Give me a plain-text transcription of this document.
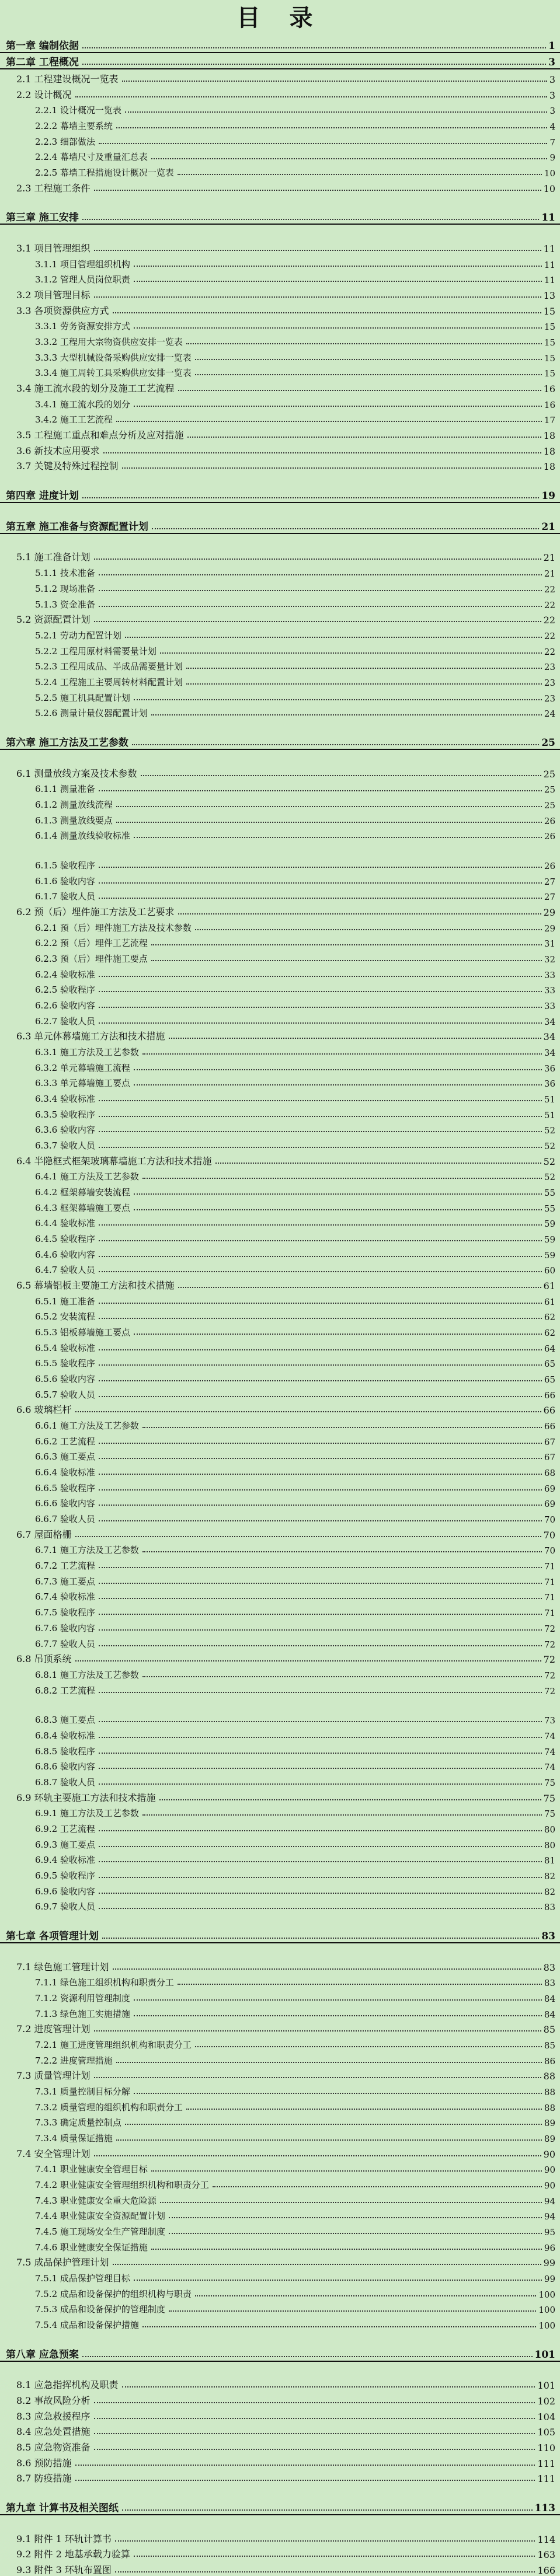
目 录
第一章 编制依据	1
第二章 工程概况	3
2.1 工程建设概况一览表	3
2.2 设计概况	3
2.2.1 设计概况一览表	3
2.2.2 幕墙主要系统	4
2.2.3 细部做法	7
2.2.4 幕墙尺寸及重量汇总表	9
2.2.5 幕墙工程措施设计概况一览表	10
2.3 工程施工条件	10
第三章 施工安排	11
3.1 项目管理组织	11
3.1.1 项目管理组织机构	11
3.1.2 管理人员岗位职责	11
3.2 项目管理目标	13
3.3 各项资源供应方式	15
3.3.1 劳务资源安排方式	15
3.3.2 工程用大宗物资供应安排一览表	15
3.3.3 大型机械设备采购供应安排一览表	15
3.3.4 施工周转工具采购供应安排一览表	15
3.4 施工流水段的划分及施工工艺流程	16
3.4.1 施工流水段的划分	16
3.4.2 施工工艺流程	17
3.5 工程施工重点和难点分析及应对措施	18
3.6 新技术应用要求	18
3.7 关键及特殊过程控制	18
第四章 进度计划	19
第五章 施工准备与资源配置计划	21
5.1 施工准备计划	21
5.1.1 技术准备	21
5.1.2 现场准备	22
5.1.3 资金准备	22
5.2 资源配置计划	22
5.2.1 劳动力配置计划	22
5.2.2 工程用原材料需要量计划	22
5.2.3 工程用成品、半成品需要量计划	23
5.2.4 工程施工主要周转材料配置计划	23
5.2.5 施工机具配置计划	23
5.2.6 测量计量仪器配置计划	24
第六章 施工方法及工艺参数	25
6.1 测量放线方案及技术参数	25
6.1.1 测量准备	25
6.1.2 测量放线流程	25
6.1.3 测量放线要点	26
6.1.4 测量放线验收标准	26
6.1.5 验收程序	26
6.1.6 验收内容	27
6.1.7 验收人员	27
6.2 预（后）埋件施工方法及工艺要求	29
6.2.1 预（后）埋件施工方法及技术参数	29
6.2.2 预（后）埋件工艺流程	31
6.2.3 预（后）埋件施工要点	32
6.2.4 验收标准	33
6.2.5 验收程序	33
6.2.6 验收内容	33
6.2.7 验收人员	34
6.3 单元体幕墙施工方法和技术措施	34
6.3.1 施工方法及工艺参数	34
6.3.2 单元幕墙施工流程	36
6.3.3 单元幕墙施工要点	36
6.3.4 验收标准	51
6.3.5 验收程序	51
6.3.6 验收内容	52
6.3.7 验收人员	52
6.4 半隐框式框架玻璃幕墙施工方法和技术措施	52
6.4.1 施工方法及工艺参数	52
6.4.2 框架幕墙安装流程	55
6.4.3 框架幕墙施工要点	55
6.4.4 验收标准	59
6.4.5 验收程序	59
6.4.6 验收内容	59
6.4.7 验收人员	60
6.5 幕墙铝板主要施工方法和技术措施	61
6.5.1 施工准备	61
6.5.2 安装流程	62
6.5.3 铝板幕墙施工要点	62
6.5.4 验收标准	64
6.5.5 验收程序	65
6.5.6 验收内容	65
6.5.7 验收人员	66
6.6 玻璃栏杆	66
6.6.1 施工方法及工艺参数	66
6.6.2 工艺流程	67
6.6.3 施工要点	67
6.6.4 验收标准	68
6.6.5 验收程序	69
6.6.6 验收内容	69
6.6.7 验收人员	70
6.7 屋面格栅	70
6.7.1 施工方法及工艺参数	70
6.7.2 工艺流程	71
6.7.3 施工要点	71
6.7.4 验收标准	71
6.7.5 验收程序	71
6.7.6 验收内容	72
6.7.7 验收人员	72
6.8 吊顶系统	72
6.8.1 施工方法及工艺参数	72
6.8.2 工艺流程	72
6.8.3 施工要点	73
6.8.4 验收标准	74
6.8.5 验收程序	74
6.8.6 验收内容	74
6.8.7 验收人员	75
6.9 环轨主要施工方法和技术措施	75
6.9.1 施工方法及工艺参数	75
6.9.2 工艺流程	80
6.9.3 施工要点	80
6.9.4 验收标准	81
6.9.5 验收程序	82
6.9.6 验收内容	82
6.9.7 验收人员	83
第七章 各项管理计划	83
7.1 绿色施工管理计划	83
7.1.1 绿色施工组织机构和职责分工	83
7.1.2 资源利用管理制度	84
7.1.3 绿色施工实施措施	84
7.2 进度管理计划	85
7.2.1 施工进度管理组织机构和职责分工	85
7.2.2 进度管理措施	86
7.3 质量管理计划	88
7.3.1 质量控制目标分解	88
7.3.2 质量管理的组织机构和职责分工	88
7.3.3 确定质量控制点	89
7.3.4 质量保证措施	89
7.4 安全管理计划	90
7.4.1 职业健康安全管理目标	90
7.4.2 职业健康安全管理组织机构和职责分工	90
7.4.3 职业健康安全重大危险源	94
7.4.4 职业健康安全资源配置计划	94
7.4.5 施工现场安全生产管理制度	95
7.4.6 职业健康安全保证措施	96
7.5 成品保护管理计划	99
7.5.1 成品保护管理目标	99
7.5.2 成品和设备保护的组织机构与职责	100
7.5.3 成品和设备保护的管理制度	100
7.5.4 成品和设备保护措施	100
第八章 应急预案	101
8.1 应急指挥机构及职责	101
8.2 事故风险分析	102
8.3 应急救援程序	104
8.4 应急处置措施	105
8.5 应急物资准备	110
8.6 预防措施	111
8.7 防疫措施	111
第九章 计算书及相关图纸	113
9.1 附件 1 环轨计算书	114
9.2 附件 2 地基承载力验算	163
9.3 附件 3 环轨布置图	166
